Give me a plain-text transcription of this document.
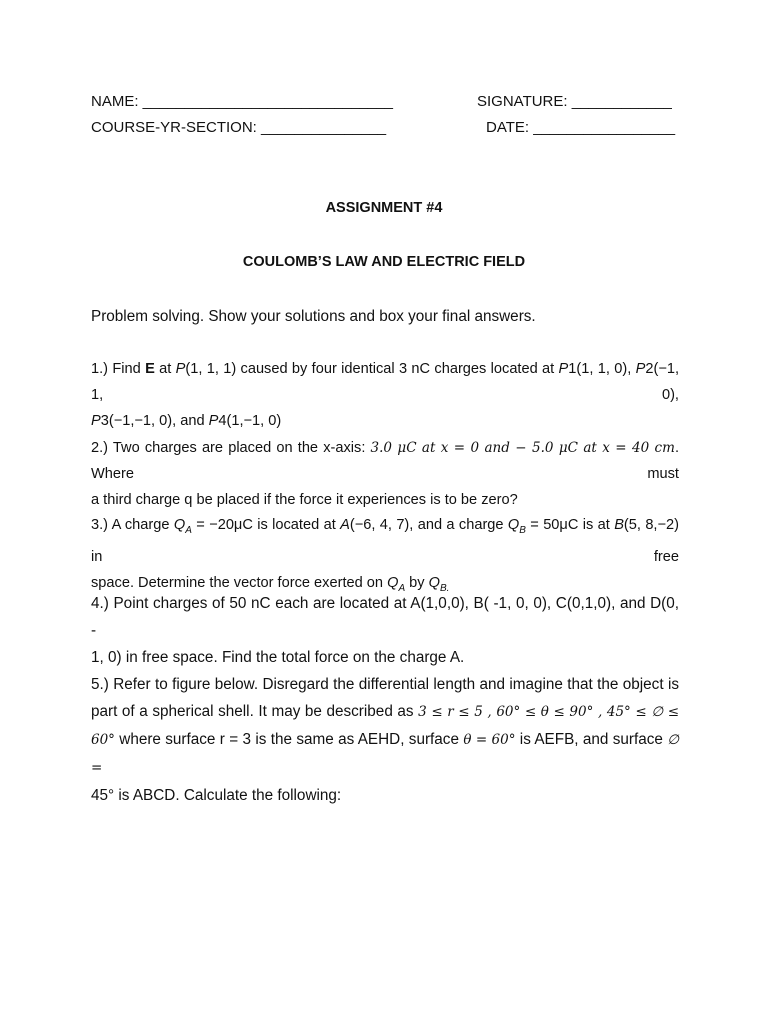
NAME: ______________________________	SIGNATURE: ____________
COURSE-YR-SECTION: _______________	DATE: _________________
ASSIGNMENT #4
COULOMB’S LAW AND ELECTRIC FIELD
Problem solving. Show your solutions and box your final answers.
1.) Find E at P(1, 1, 1) caused by four identical 3 nC charges located at P1(1, 1, 0), P2(−1, 1, 0),
P3(−1,−1, 0), and P4(1,−1, 0)
2.) Two charges are placed on the x-axis: 3.0 μC at x = 0 and − 5.0 μC at x = 40 cm. Where must
a third charge q be placed if the force it experiences is to be zero?
3.) A charge $Q_A = -20\mu C$ is located at A(−6, 4, 7), and a charge $Q_B = 50\mu C$ is at B(5, 8,−2) in free
space. Determine the vector force exerted on $Q_A$ by $Q_{B.}$
4.) Point charges of 50 nC each are located at A(1,0,0), B( -1, 0, 0), C(0,1,0), and D(0, -
1, 0) in free space. Find the total force on the charge A.
5.) Refer to figure below. Disregard the differential length and imagine that the object is
part of a spherical shell. It may be described as 3 ≤ r ≤ 5 , 60° ≤ θ ≤ 90° , 45° ≤ ∅ ≤
60° where surface r = 3 is the same as AEHD, surface θ = 60° is AEFB, and surface ∅ =
45° is ABCD. Calculate the following:
